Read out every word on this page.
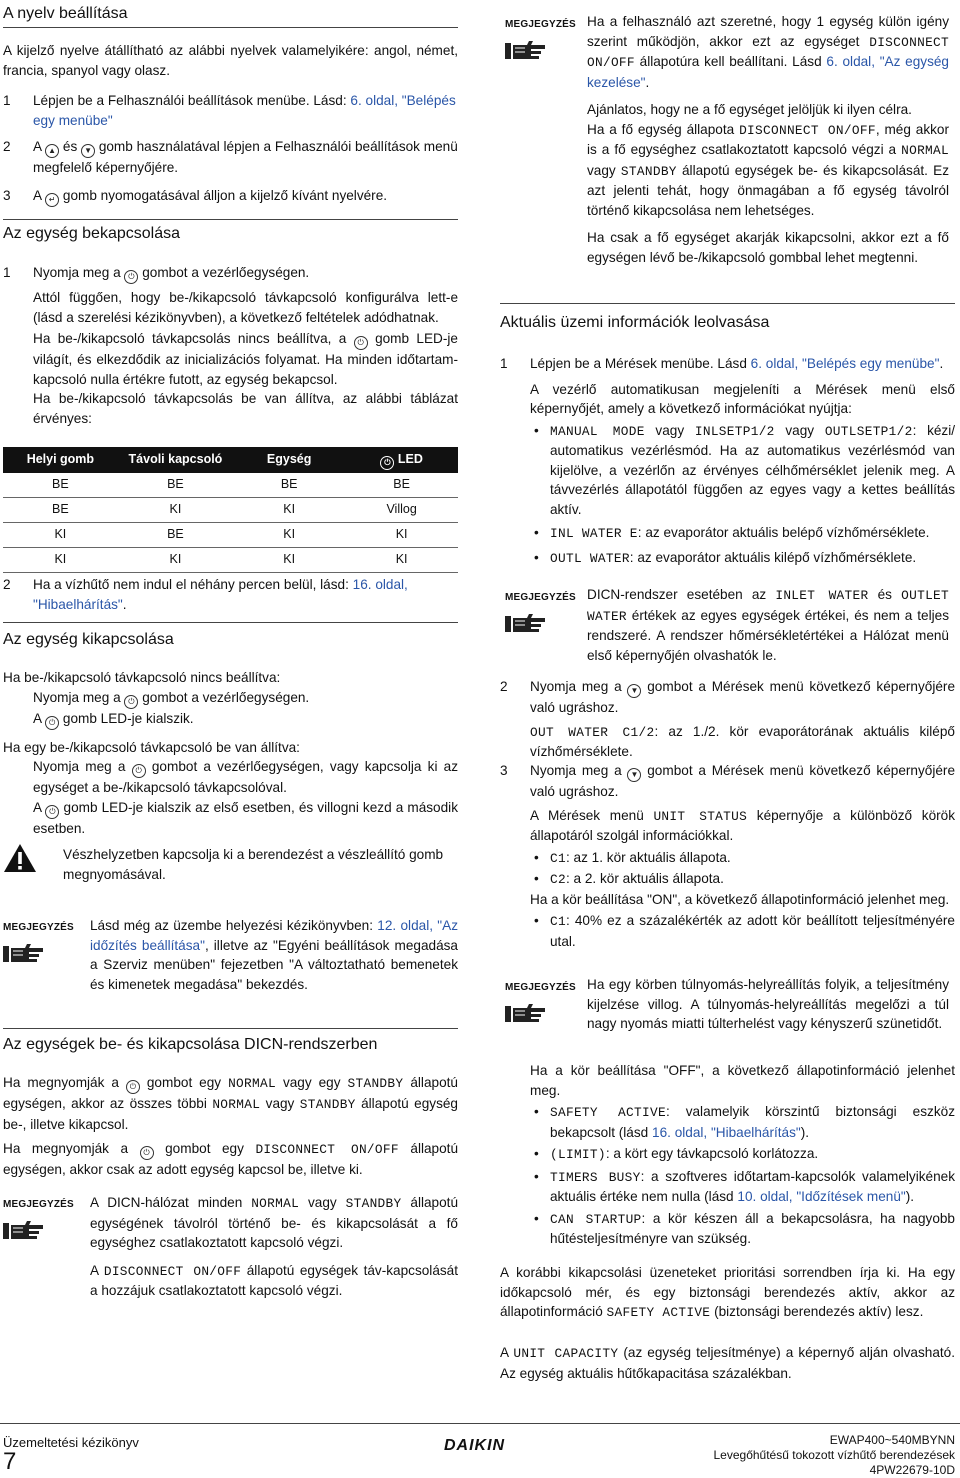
A nyelv beállítása

A kijelző nyelve átállítható az alábbi nyelvek valamelyikére: angol, német, francia, spanyol vagy olasz.

1	Lépjen be a Felhasználói beállítások menübe. Lásd: 6. oldal, "Belépés egy menübe"

2	A ▲ és ▼ gomb használatával lépjen a Felhasználói beállítások menü megfelelő képernyőjére.

3	A ↵ gomb nyomogatásával álljon a kijelző kívánt nyelvére.

Az egység bekapcsolása
1	Nyomja meg a ⏻ gombot a vezérlőegységen.

Attól függően, hogy be-/kikapcsoló távkapcsoló konfigurálva lett-e (lásd a szerelési kézikönyvben), a következő feltételek adódhatnak.

Ha be-/kikapcsoló távkapcsolás nincs beállítva, a ⏻ gomb LED-je világít, és elkezdődik az inicializációs folyamat. Ha minden időtartam-kapcsoló nulla értékre futott, az egység bekapcsol.

Ha be-/kikapcsoló távkapcsolás be van állítva, az alábbi táblázat érvényes:

Helyi gomb	Távoli kapcsoló	Egység	⏻ LED
BE	BE	BE	BE
BE	KI	KI	Villog
KI	BE	KI	KI
KI	KI	KI	KI
2	Ha a vízhűtő nem indul el néhány percen belül, lásd: 16. oldal, "Hibaelhárítás".

Az egység kikapcsolása

Ha be-/kikapcsoló távkapcsoló nincs beállítva:

Nyomja meg a ⏻ gombot a vezérlőegységen.

A ⏻ gomb LED-je kialszik.

Ha egy be-/kikapcsoló távkapcsoló be van állítva:

Nyomja meg a ⏻ gombot a vezérlőegységen, vagy kapcsolja ki az egységet a be-/kikapcsoló távkapcsolóval.

A ⏻ gomb LED-je kialszik az első esetben, és villogni kezd a második esetben.

Vészhelyzetben kapcsolja ki a berendezést a vészleállító gomb megnyomásával.

MEGJEGYZÉS Lásd még az üzembe helyezési kézikönyvben: 12. oldal, "Az időzítés beállítása", illetve az "Egyéni beállítások megadása a Szerviz menüben" fejezetben "A változtatható bemenetek és kimenetek megadása" bekezdés.

Az egységek be- és kikapcsolása DICN-rendszerben

Ha megnyomják a ⏻ gombot egy NORMAL vagy egy STANDBY állapotú egységen, akkor az összes többi NORMAL vagy STANDBY állapotú egység be-, illetve kikapcsol.

Ha megnyomják a ⏻ gombot egy DISCONNECT ON/OFF állapotú egységen, akkor csak az adott egység kapcsol be, illetve ki.

MEGJEGYZÉS A DICN-hálózat minden NORMAL vagy STANDBY állapotú egységének távolról történő be- és kikapcsolását a fő egységhez csatlakoztatott kapcsoló végzi.

A DISCONNECT ON/OFF állapotú egységek táv-kapcsolását a hozzájuk csatlakoztatott kapcsoló végzi.

MEGJEGYZÉS Ha a felhasználó azt szeretné, hogy 1 egység külön igény szerint működjön, akkor ezt az egységet DISCONNECT ON/OFF állapotúra kell beállítani. Lásd 6. oldal, "Az egység kezelése".

Ajánlatos, hogy ne a fő egységet jelöljük ki ilyen célra.

Ha a fő egység állapota DISCONNECT ON/OFF, még akkor is a fő egységhez csatlakoztatott kapcsoló végzi a NORMAL vagy STANDBY állapotú egységek be- és kikapcsolását. Ez azt jelenti tehát, hogy önmagában a fő egység távolról történő kikapcsolása nem lehetséges.

Ha csak a fő egységet akarják kikapcsolni, akkor ezt a fő egységen lévő be-/kikapcsoló gombbal lehet megtenni.

Aktuális üzemi információk leolvasása
1 Lépjen be a Mérések menübe. Lásd 6. oldal, "Belépés egy menübe".

A vezérlő automatikusan megjeleníti a Mérések menü első képernyőjét, amely a következő információkat nyújtja:

• MANUAL MODE vagy INLSETP1/2 vagy OUTLSETP1/2: kézi/ automatikus vezérlésmód. Ha az automatikus vezérlésmód van kijelölve, a vezérlőn az érvényes célhőmérséklet jelenik meg. A távvezérlés állapotától függően az egyes vagy a kettes beállítás aktív.
• INL WATER E: az evaporátor aktuális belépő vízhőmérséklete.
• OUTL WATER: az evaporátor aktuális kilépő vízhőmérséklete.
MEGJEGYZÉS DICN-rendszer esetében az INLET WATER és OUTLET WATER értékek az egyes egységek értékei, és nem a teljes rendszeré. A rendszer hőmérsékletértékei a Hálózat menü első képernyőjén olvashatók le.

2 Nyomja meg a ▼ gombot a Mérések menü következő képernyőjére való ugráshoz.

OUT WATER C1/2: az 1./2. kör evaporátorának aktuális kilépő vízhőmérséklete.

3 Nyomja meg a ▼ gombot a Mérések menü következő képernyőjére való ugráshoz.

A Mérések menü UNIT STATUS képernyője a különböző körök állapotáról szolgál információkkal.

• C1: az 1. kör aktuális állapota.
• C2: a 2. kör aktuális állapota.

Ha a kör beállítása "ON", a következő állapotinformáció jelenhet meg.

• C1: 40% ez a százalékérték az adott kör beállított teljesítményére utal.
MEGJEGYZÉS Ha egy körben túlnyomás-helyreállítás folyik, a teljesítmény kijelzése villog. A túlnyomás-helyreállítás megelőzi a túl nagy nyomás miatti túlterhelést vagy kényszerű szünetidőt.

Ha a kör beállítása "OFF", a következő állapotinformáció jelenhet meg.

• SAFETY ACTIVE: valamelyik körszintű biztonsági eszköz bekapcsolt (lásd 16. oldal, "Hibaelhárítás").
• (LIMIT): a kört egy távkapcsoló korlátozza.
• TIMERS BUSY: a szoftveres időtartam-kapcsolók valamelyikének aktuális értéke nem nulla (lásd 10. oldal, "Időzítések menü").
• CAN STARTUP: a kör készen áll a bekapcsolásra, ha nagyobb hűtésteljesítményre van szükség.

A korábbi kikapcsolási üzeneteket prioritási sorrendben írja ki. Ha egy időkapcsoló mér, és egy biztonsági berendezés aktív, akkor az állapotinformáció SAFETY ACTIVE (biztonsági berendezés aktív) lesz.

A UNIT CAPACITY (az egység teljesítménye) a képernyő alján olvasható. Az egység aktuális hűtőkapacitása százalékban.

Üzemeltetési kézikönyv
7
DAIKIN	EWAP400~540MBYNN
Levegőhűtésű tokozott vízhűtő berendezések
4PW22679-10D
